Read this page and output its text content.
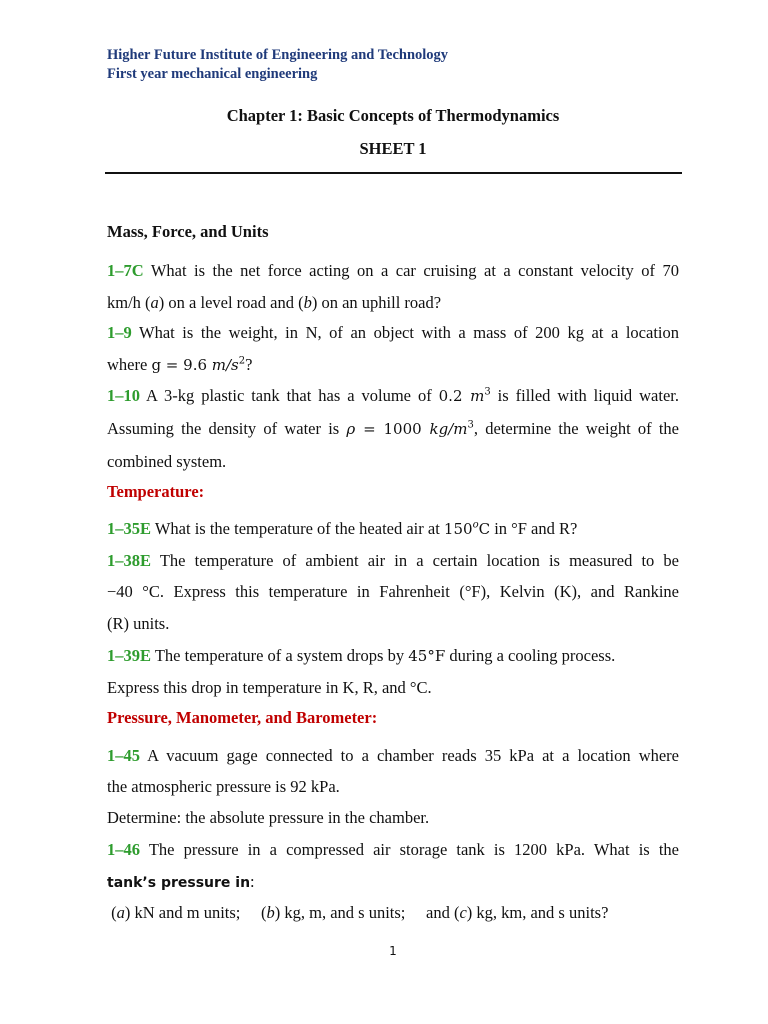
Higher Future Institute of Engineering and Technology
First year mechanical engineering
Chapter 1: Basic Concepts of Thermodynamics
SHEET 1
Mass, Force, and Units
1–7C What is the net force acting on a car cruising at a constant velocity of 70
km/h (a) on a level road and (b) on an uphill road?
1–9 What is the weight, in N, of an object with a mass of 200 kg at a location
where g = 9.6 $m/s^2$?
1–10 A 3-kg plastic tank that has a volume of 0.2 $m^3$ is filled with liquid water.
Assuming the density of water is ρ = 1000 $kg/m^3$, determine the weight of the
combined system.
Temperature:
1–35E What is the temperature of the heated air at 150$^o$C in °F and R?
1–38E The temperature of ambient air in a certain location is measured to be
−40 °C. Express this temperature in Fahrenheit (°F), Kelvin (K), and Rankine
(R) units.
1–39E The temperature of a system drops by 45°F during a cooling process.
Express this drop in temperature in K, R, and °C.
Pressure, Manometer, and Barometer:
1–45 A vacuum gage connected to a chamber reads 35 kPa at a location where
the atmospheric pressure is 92 kPa.
Determine: the absolute pressure in the chamber.
1–46 The pressure in a compressed air storage tank is 1200 kPa. What is the
tank’s pressure in:
(a) kN and m units;     (b) kg, m, and s units;     and (c) kg, km, and s units?
1
